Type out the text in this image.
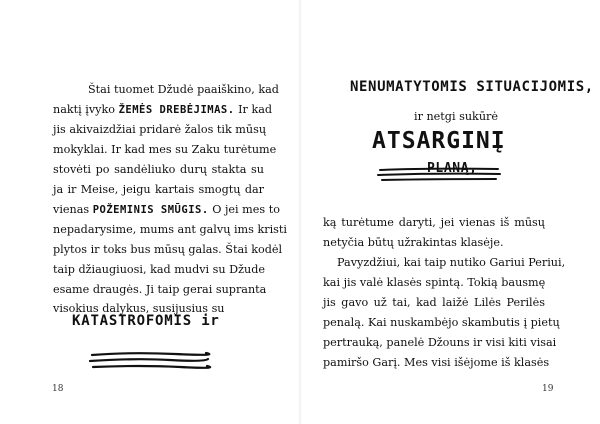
Štai tuomet Džudė paaiškino, kad
naktį įvyko ŽEMĖS DREBĖJIMAS. Ir kad
jis akivaizdžiai pridarė žalos tik mūsų
mokyklai. Ir kad mes su Zaku turėtume
stovėti po sandėliuko durų stakta su
ja ir Meise, jeigu kartais smogtų dar
vienas POŽEMINIS SMŪGIS. O jei mes to
nepadarysime, mums ant galvų ims kristi
plytos ir toks bus mūsų galas. Štai kodėl
taip džiaugiuosi, kad mudvi su Džude
esame draugės. Ji taip gerai supranta
visokius dalykus, susijusius su
KATASTROFOMIS ir
18
NENUMATYTOMIS SITUACIJOMIS,
ir netgi sukūrė
ATSARGINĮ
PLANĄ,
ką turėtume daryti, jei vienas iš mūsų
netyčia būtų užrakintas klasėje.
Pavyzdžiui, kai taip nutiko Gariui Periui,
kai jis valė klasės spintą. Tokią bausmę
jis gavo už tai, kad laižė Lilės Perilės
penalą. Kai nuskambėjo skambutis į pietų
pertrauką, panelė Džouns ir visi kiti visai
pamiršo Garį. Mes visi išėjome iš klasės
19
